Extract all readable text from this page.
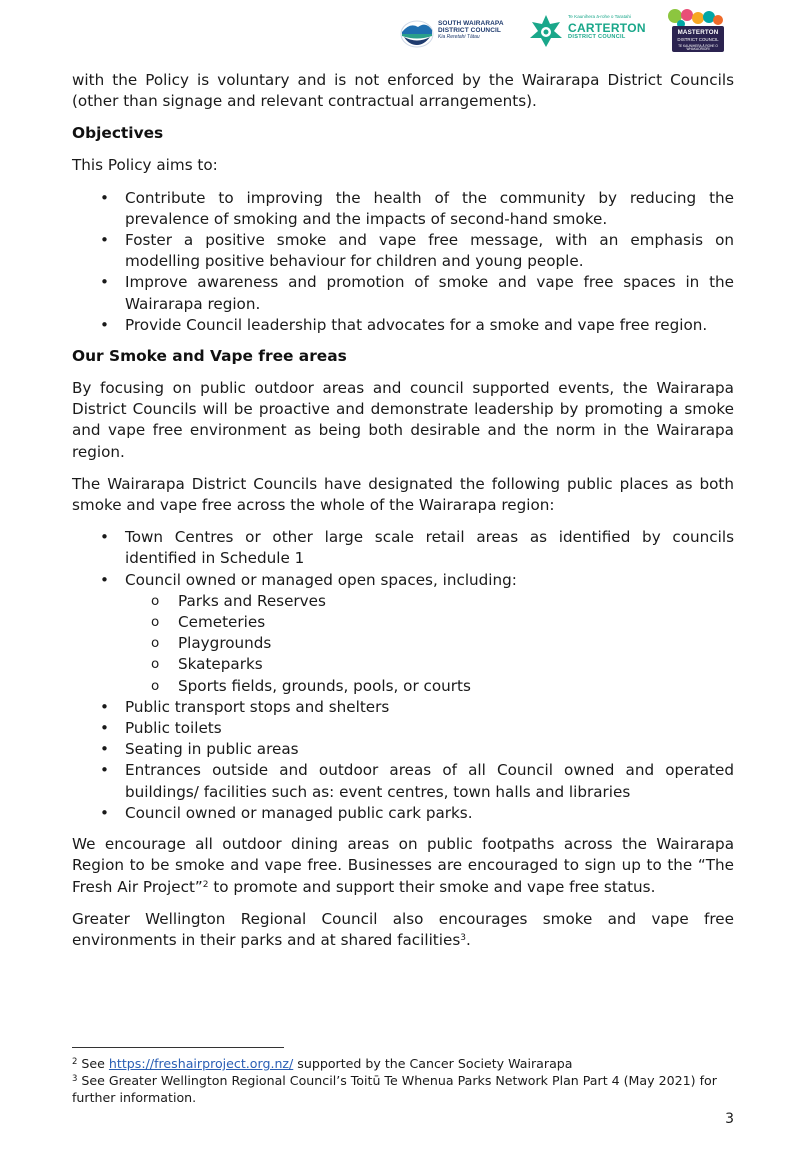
SOUTH WAIRARAPA
DISTRICT COUNCIL
Kia Reretahi Tātau
Te Kaunihera ā-rohe o Taratahi
CARTERTON
DISTRICT COUNCIL
MASTERTON
DISTRICT COUNCIL
TE KAUNIHERA Ā ROHE O WHAKAORIORI

with the Policy is voluntary and is not enforced by the Wairarapa District Councils (other than signage and relevant contractual arrangements).

Objectives

This Policy aims to:

• Contribute to improving the health of the community by reducing the prevalence of smoking and the impacts of second-hand smoke.
• Foster a positive smoke and vape free message, with an emphasis on modelling positive behaviour for children and young people.
• Improve awareness and promotion of smoke and vape free spaces in the Wairarapa region.
• Provide Council leadership that advocates for a smoke and vape free region.
Our Smoke and Vape free areas

By focusing on public outdoor areas and council supported events, the Wairarapa District Councils will be proactive and demonstrate leadership by promoting a smoke and vape free environment as being both desirable and the norm in the Wairarapa region.

The Wairarapa District Councils have designated the following public places as both smoke and vape free across the whole of the Wairarapa region:

• Town Centres or other large scale retail areas as identified by councils identified in Schedule 1
• Council owned or managed open spaces, including:
o Parks and Reserves
o Cemeteries
o Playgrounds
o Skateparks
o Sports fields, grounds, pools, or courts
• Public transport stops and shelters
• Public toilets
• Seating in public areas
• Entrances outside and outdoor areas of all Council owned and operated buildings/ facilities such as: event centres, town halls and libraries
• Council owned or managed public cark parks.

We encourage all outdoor dining areas on public footpaths across the Wairarapa Region to be smoke and vape free. Businesses are encouraged to sign up to the “The Fresh Air Project”$^2$ to promote and support their smoke and vape free status.

Greater Wellington Regional Council also encourages smoke and vape free environments in their parks and at shared facilities$^3$.

$^2$ See https://freshairproject.org.nz/ supported by the Cancer Society Wairarapa

$^3$ See Greater Wellington Regional Council’s Toitū Te Whenua Parks Network Plan Part 4 (May 2021) for further information.

3
